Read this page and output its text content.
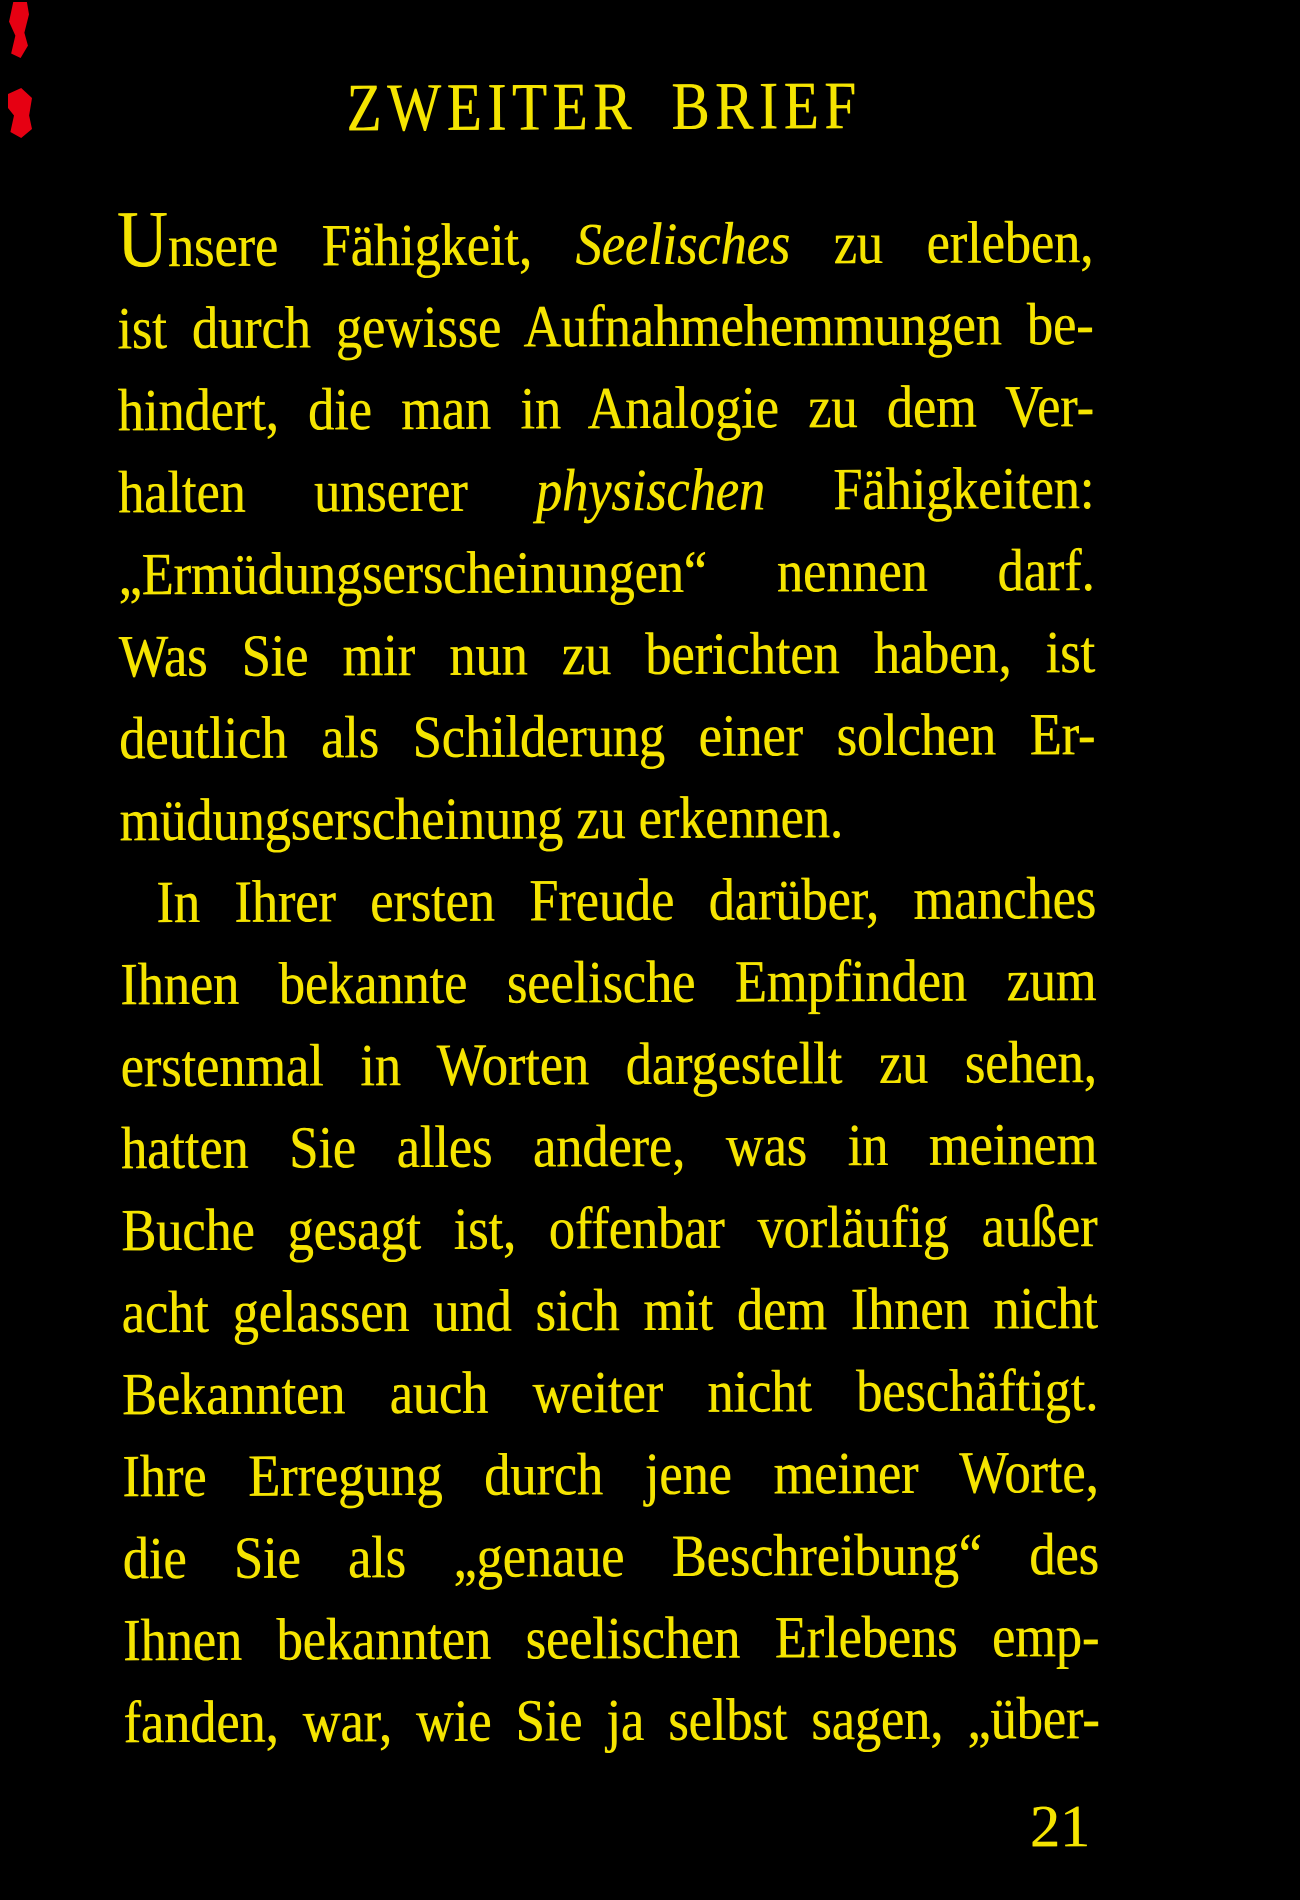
ZWEITER BRIEF
Unsere Fähigkeit, Seelisches zu erleben,
ist durch gewisse Aufnahmehemmungen be-
hindert, die man in Analogie zu dem Ver-
halten unserer physischen Fähigkeiten:
„Ermüdungserscheinungen“ nennen darf.
Was Sie mir nun zu berichten haben, ist
deutlich als Schilderung einer solchen Er-
müdungserscheinung zu erkennen.
In Ihrer ersten Freude darüber, manches
Ihnen bekannte seelische Empfinden zum
erstenmal in Worten dargestellt zu sehen,
hatten Sie alles andere, was in meinem
Buche gesagt ist, offenbar vorläufig außer
acht gelassen und sich mit dem Ihnen nicht
Bekannten auch weiter nicht beschäftigt.
Ihre Erregung durch jene meiner Worte,
die Sie als „genaue Beschreibung“ des
Ihnen bekannten seelischen Erlebens emp-
fanden, war, wie Sie ja selbst sagen, „über-
21
